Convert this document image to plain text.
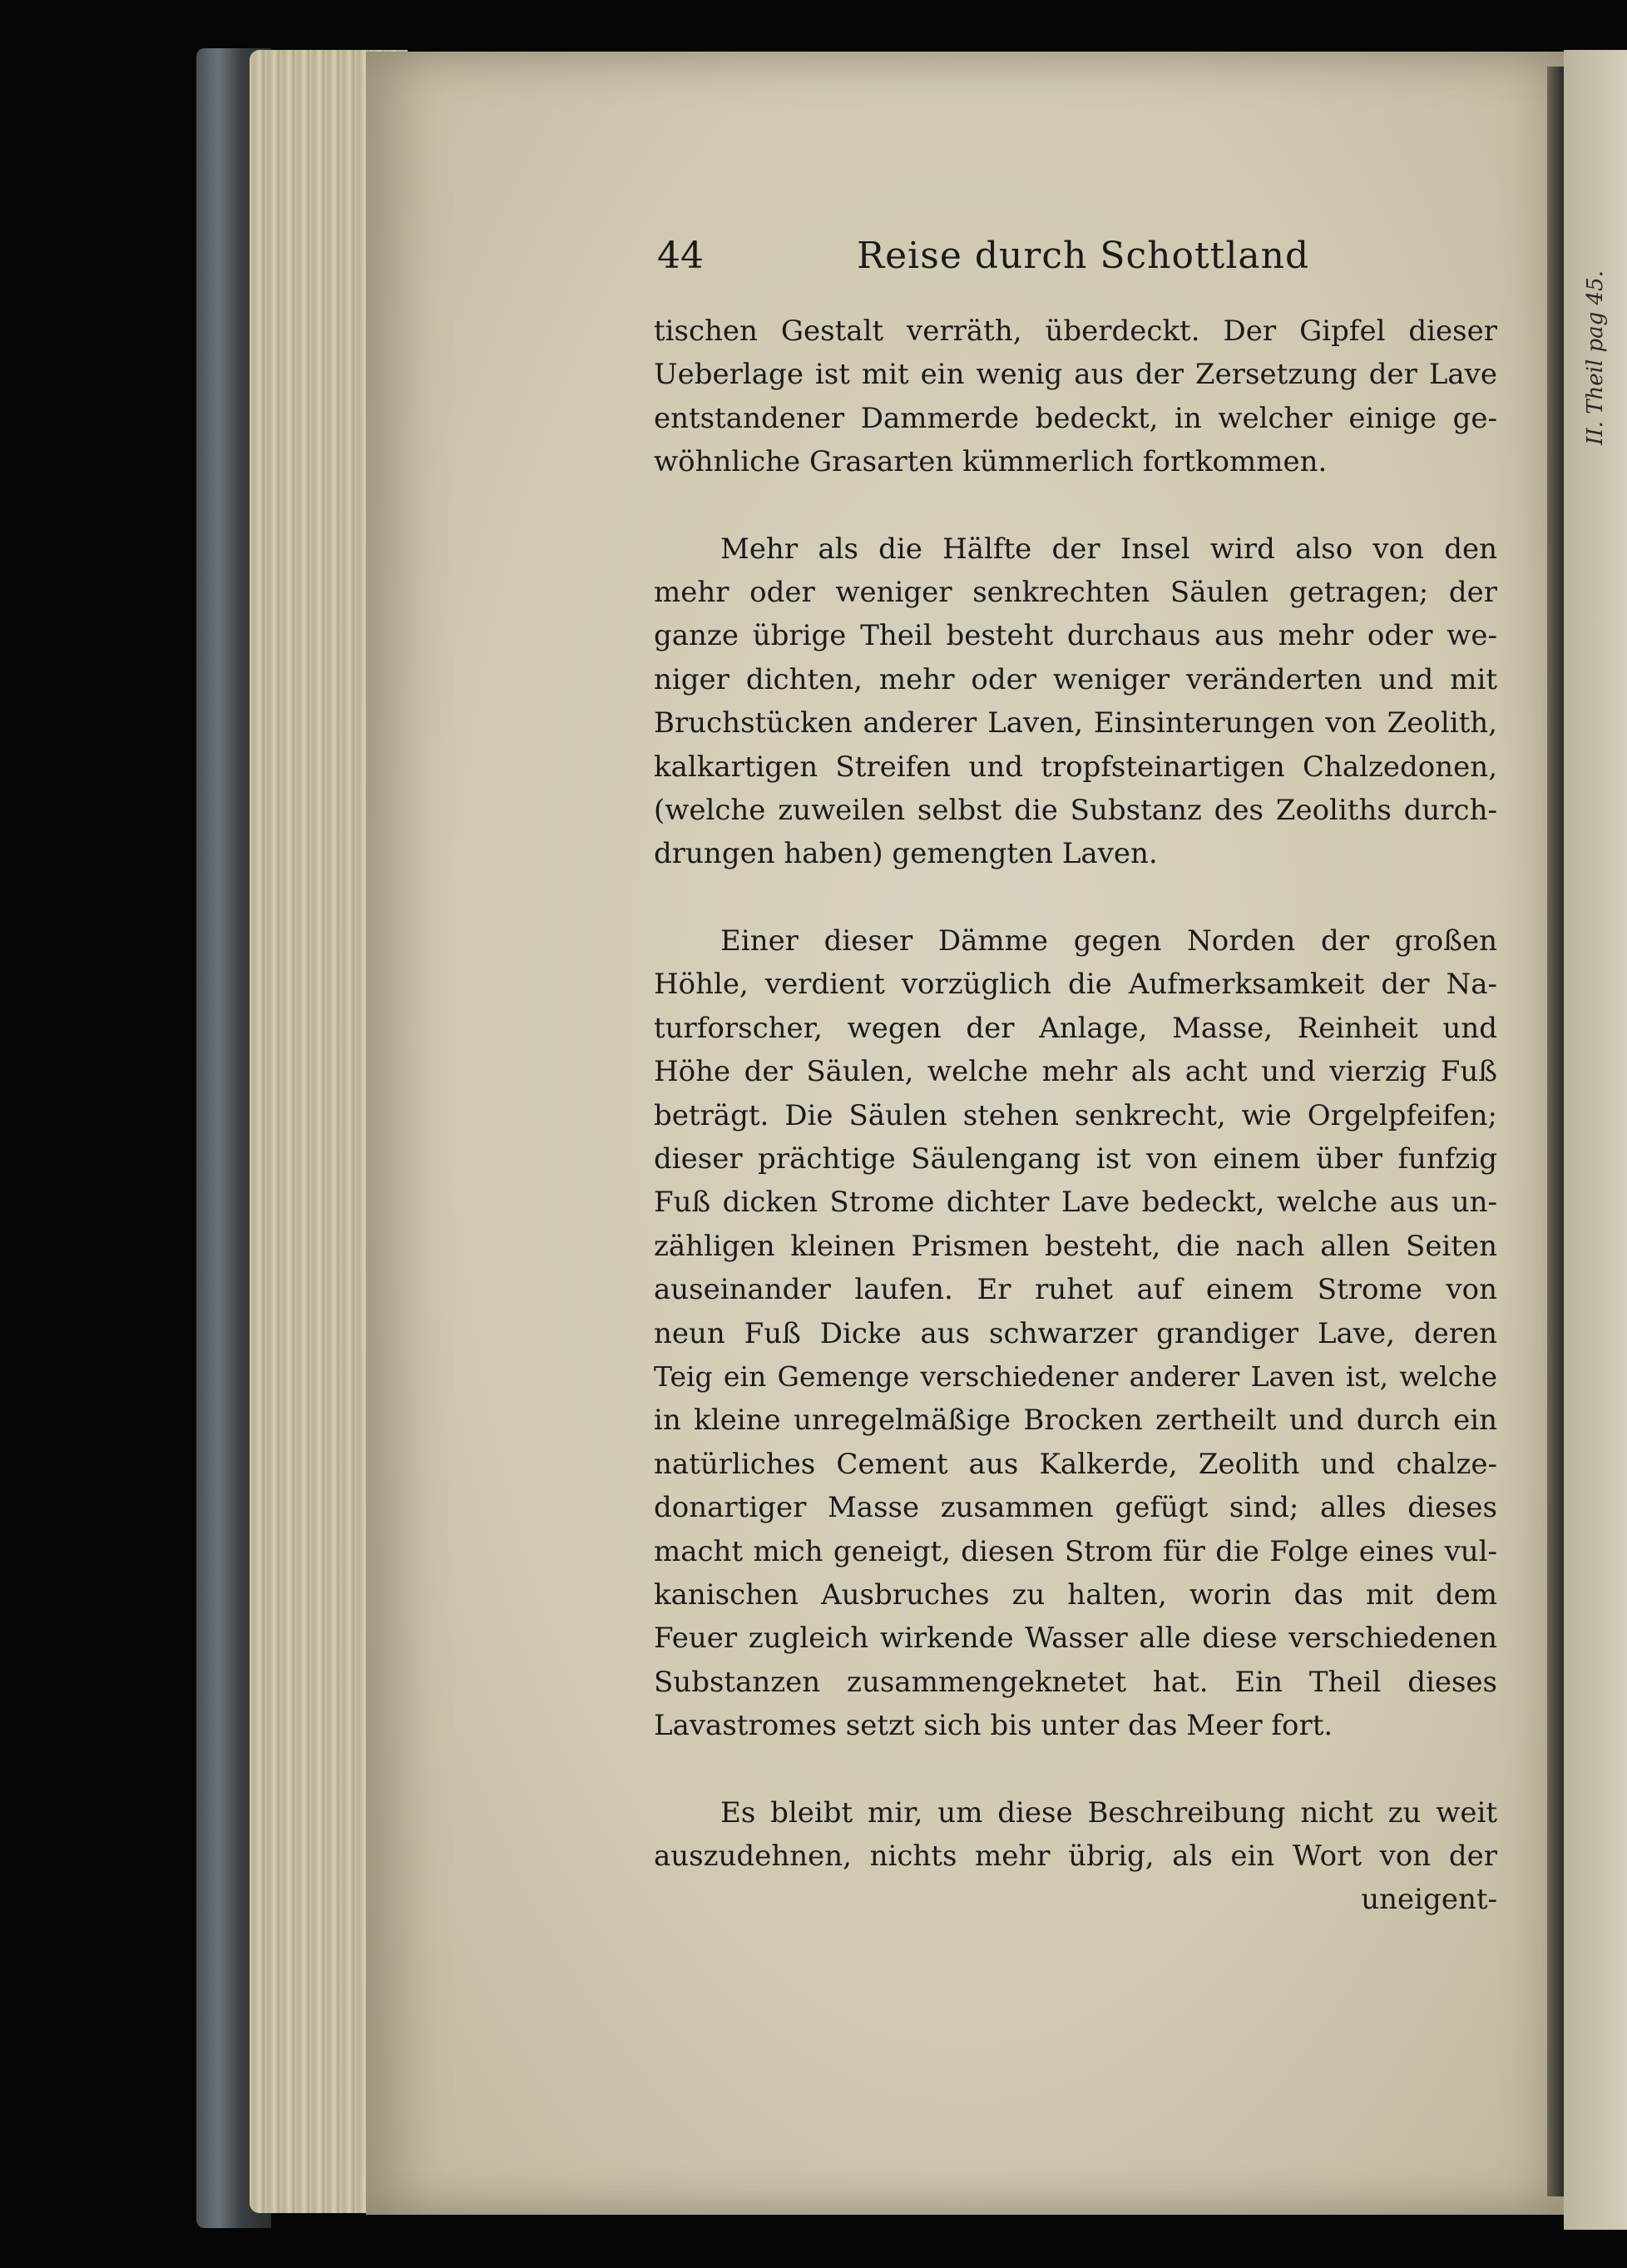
II. Theil pag 45.
44	Reise durch Schottland
tischen Gestalt verräth, überdeckt. Der Gipfel dieser
Ueberlage ist mit ein wenig aus der Zersetzung der Lave
entstandener Dammerde bedeckt, in welcher einige ge-
wöhnliche Grasarten kümmerlich fortkommen.
Mehr als die Hälfte der Insel wird also von den
mehr oder weniger senkrechten Säulen getragen; der
ganze übrige Theil besteht durchaus aus mehr oder we-
niger dichten, mehr oder weniger veränderten und mit
Bruchstücken anderer Laven, Einsinterungen von Zeolith,
kalkartigen Streifen und tropfsteinartigen Chalzedonen,
(welche zuweilen selbst die Substanz des Zeoliths durch-
drungen haben) gemengten Laven.
Einer dieser Dämme gegen Norden der großen
Höhle, verdient vorzüglich die Aufmerksamkeit der Na-
turforscher, wegen der Anlage, Masse, Reinheit und
Höhe der Säulen, welche mehr als acht und vierzig Fuß
beträgt. Die Säulen stehen senkrecht, wie Orgelpfeifen;
dieser prächtige Säulengang ist von einem über funfzig
Fuß dicken Strome dichter Lave bedeckt, welche aus un-
zähligen kleinen Prismen besteht, die nach allen Seiten
auseinander laufen. Er ruhet auf einem Strome von
neun Fuß Dicke aus schwarzer grandiger Lave, deren
Teig ein Gemenge verschiedener anderer Laven ist, welche
in kleine unregelmäßige Brocken zertheilt und durch ein
natürliches Cement aus Kalkerde, Zeolith und chalze-
donartiger Masse zusammen gefügt sind; alles dieses
macht mich geneigt, diesen Strom für die Folge eines vul-
kanischen Ausbruches zu halten, worin das mit dem
Feuer zugleich wirkende Wasser alle diese verschiedenen
Substanzen zusammengeknetet hat. Ein Theil dieses
Lavastromes setzt sich bis unter das Meer fort.
Es bleibt mir, um diese Beschreibung nicht zu weit
auszudehnen, nichts mehr übrig, als ein Wort von der
uneigent-
